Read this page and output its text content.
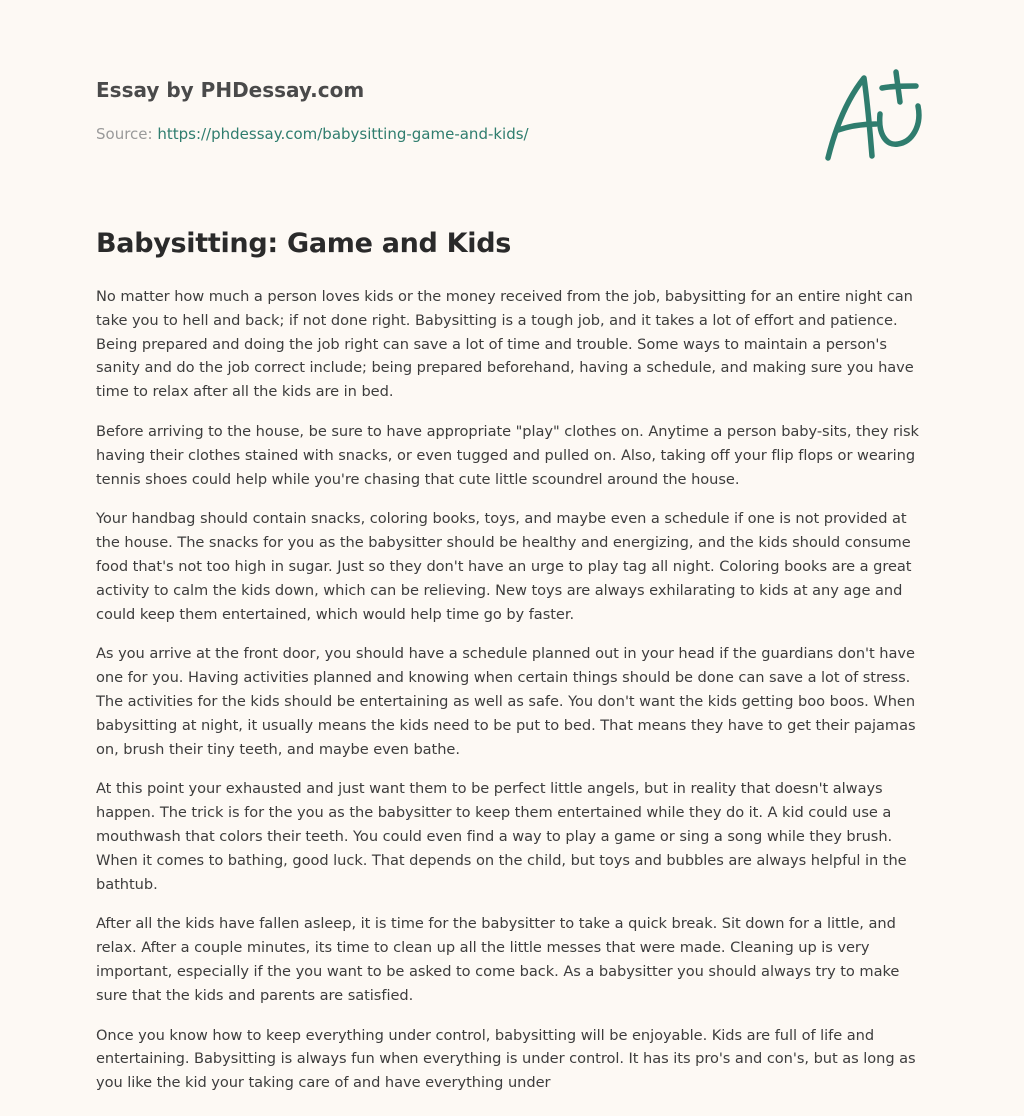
Essay by PHDessay.com
Source: https://phdessay.com/babysitting-game-and-kids/
Babysitting: Game and Kids

No matter how much a person loves kids or the money received from the job, babysitting for an entire night can take you to hell and back; if not done right. Babysitting is a tough job, and it takes a lot of effort and patience. Being prepared and doing the job right can save a lot of time and trouble. Some ways to maintain a person's sanity and do the job correct include; being prepared beforehand, having a schedule, and making sure you have time to relax after all the kids are in bed.

Before arriving to the house, be sure to have appropriate "play" clothes on. Anytime a person baby-sits, they risk having their clothes stained with snacks, or even tugged and pulled on. Also, taking off your flip flops or wearing tennis shoes could help while you're chasing that cute little scoundrel around the house.

Your handbag should contain snacks, coloring books, toys, and maybe even a schedule if one is not provided at the house. The snacks for you as the babysitter should be healthy and energizing, and the kids should consume food that's not too high in sugar. Just so they don't have an urge to play tag all night. Coloring books are a great activity to calm the kids down, which can be relieving. New toys are always exhilarating to kids at any age and could keep them entertained, which would help time go by faster.

As you arrive at the front door, you should have a schedule planned out in your head if the guardians don't have one for you. Having activities planned and knowing when certain things should be done can save a lot of stress. The activities for the kids should be entertaining as well as safe. You don't want the kids getting boo boos. When babysitting at night, it usually means the kids need to be put to bed. That means they have to get their pajamas on, brush their tiny teeth, and maybe even bathe.

At this point your exhausted and just want them to be perfect little angels, but in reality that doesn't always happen. The trick is for the you as the babysitter to keep them entertained while they do it. A kid could use a mouthwash that colors their teeth. You could even find a way to play a game or sing a song while they brush. When it comes to bathing, good luck. That depends on the child, but toys and bubbles are always helpful in the bathtub.

After all the kids have fallen asleep, it is time for the babysitter to take a quick break. Sit down for a little, and relax. After a couple minutes, its time to clean up all the little messes that were made. Cleaning up is very important, especially if the you want to be asked to come back. As a babysitter you should always try to make sure that the kids and parents are satisfied.

Once you know how to keep everything under control, babysitting will be enjoyable. Kids are full of life and entertaining. Babysitting is always fun when everything is under control. It has its pro's and con's, but as long as you like the kid your taking care of and have everything under
